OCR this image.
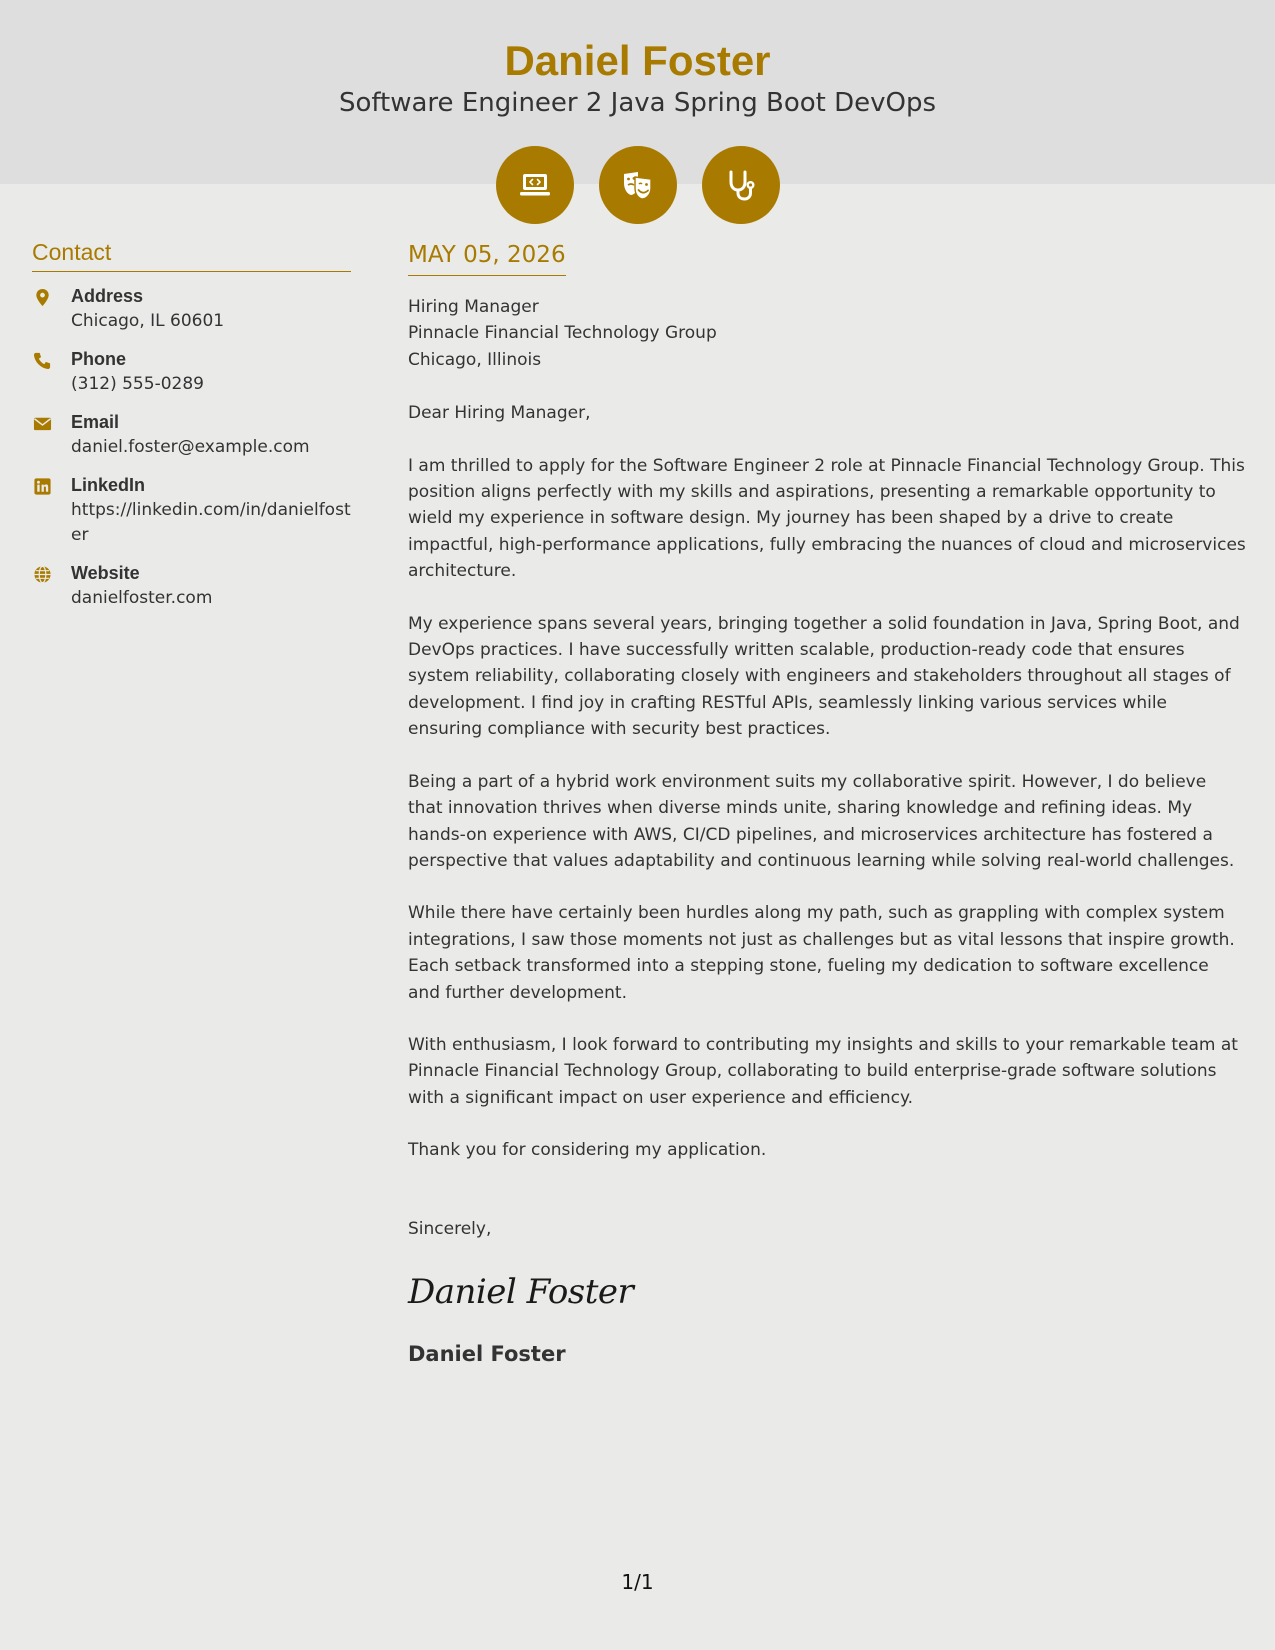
Daniel Foster
Software Engineer 2 Java Spring Boot DevOps
Contact
Address
Chicago, IL 60601
Phone
(312) 555-0289
Email
daniel.foster@example.com
LinkedIn
https://linkedin.com/in/danielfoster
Website
danielfoster.com
MAY 05, 2026
Hiring Manager
Pinnacle Financial Technology Group
Chicago, Illinois
Dear Hiring Manager,
I am thrilled to apply for the Software Engineer 2 role at Pinnacle Financial Technology Group. This position aligns perfectly with my skills and aspirations, presenting a remarkable opportunity to wield my experience in software design. My journey has been shaped by a drive to create impactful, high-performance applications, fully embracing the nuances of cloud and microservices architecture.
My experience spans several years, bringing together a solid foundation in Java, Spring Boot, and DevOps practices. I have successfully written scalable, production-ready code that ensures system reliability, collaborating closely with engineers and stakeholders throughout all stages of development. I find joy in crafting RESTful APIs, seamlessly linking various services while ensuring compliance with security best practices.
Being a part of a hybrid work environment suits my collaborative spirit. However, I do believe that innovation thrives when diverse minds unite, sharing knowledge and refining ideas. My hands-on experience with AWS, CI/CD pipelines, and microservices architecture has fostered a perspective that values adaptability and continuous learning while solving real-world challenges.
While there have certainly been hurdles along my path, such as grappling with complex system integrations, I saw those moments not just as challenges but as vital lessons that inspire growth. Each setback transformed into a stepping stone, fueling my dedication to software excellence and further development.
With enthusiasm, I look forward to contributing my insights and skills to your remarkable team at Pinnacle Financial Technology Group, collaborating to build enterprise-grade software solutions with a significant impact on user experience and efficiency.
Thank you for considering my application.
Sincerely,
Daniel Foster
Daniel Foster
1/1
